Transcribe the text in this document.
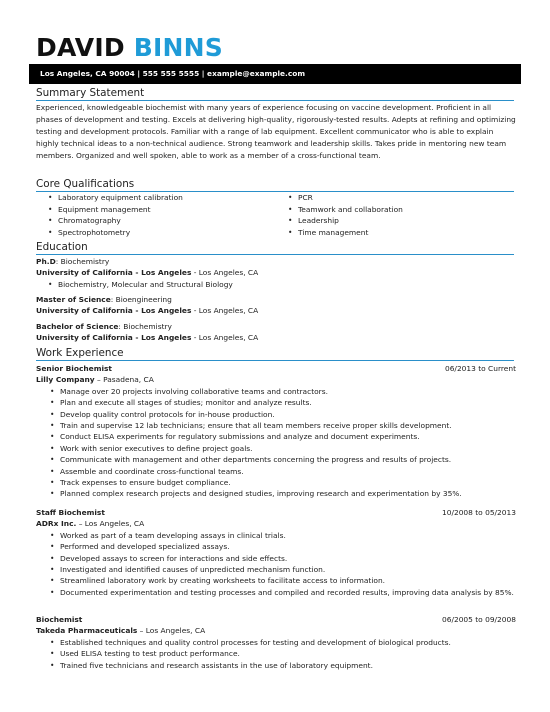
DAVID BINNS
Los Angeles, CA 90004 | 555 555 5555 | example@example.com
Summary Statement

Experienced, knowledgeable biochemist with many years of experience focusing on vaccine development. Proficient in all phases of development and testing. Excels at delivering high-quality, rigorously-tested results. Adepts at refining and optimizing testing and development protocols. Familiar with a range of lab equipment. Excellent communicator who is able to explain highly technical ideas to a non-technical audience. Strong teamwork and leadership skills. Takes pride in mentoring new team members. Organized and well spoken, able to work as a member of a cross-functional team.

Core Qualifications
• Laboratory equipment calibration
• Equipment management
• Chromatography
• Spectrophotometry
• PCR
• Teamwork and collaboration
• Leadership
• Time management
Education
Ph.D: Biochemistry
University of California - Los Angeles - Los Angeles, CA
• Biochemistry, Molecular and Structural Biology
Master of Science: Bioengineering
University of California - Los Angeles - Los Angeles, CA
Bachelor of Science: Biochemistry
University of California - Los Angeles - Los Angeles, CA
Work Experience
Senior Biochemist	06/2013 to Current
Lilly Company – Pasadena, CA
• Manage over 20 projects involving collaborative teams and contractors.
• Plan and execute all stages of studies; monitor and analyze results.
• Develop quality control protocols for in-house production.
• Train and supervise 12 lab technicians; ensure that all team members receive proper skills development.
• Conduct ELISA experiments for regulatory submissions and analyze and document experiments.
• Work with senior executives to define project goals.
• Communicate with management and other departments concerning the progress and results of projects.
• Assemble and coordinate cross-functional teams.
• Track expenses to ensure budget compliance.
• Planned complex research projects and designed studies, improving research and experimentation by 35%.
Staff Biochemist	10/2008 to 05/2013
ADRx Inc. – Los Angeles, CA
• Worked as part of a team developing assays in clinical trials.
• Performed and developed specialized assays.
• Developed assays to screen for interactions and side effects.
• Investigated and identified causes of unpredicted mechanism function.
• Streamlined laboratory work by creating worksheets to facilitate access to information.
• Documented experimentation and testing processes and compiled and recorded results, improving data analysis by 85%.
Biochemist	06/2005 to 09/2008
Takeda Pharmaceuticals – Los Angeles, CA
• Established techniques and quality control processes for testing and development of biological products.
• Used ELISA testing to test product performance.
• Trained five technicians and research assistants in the use of laboratory equipment.
